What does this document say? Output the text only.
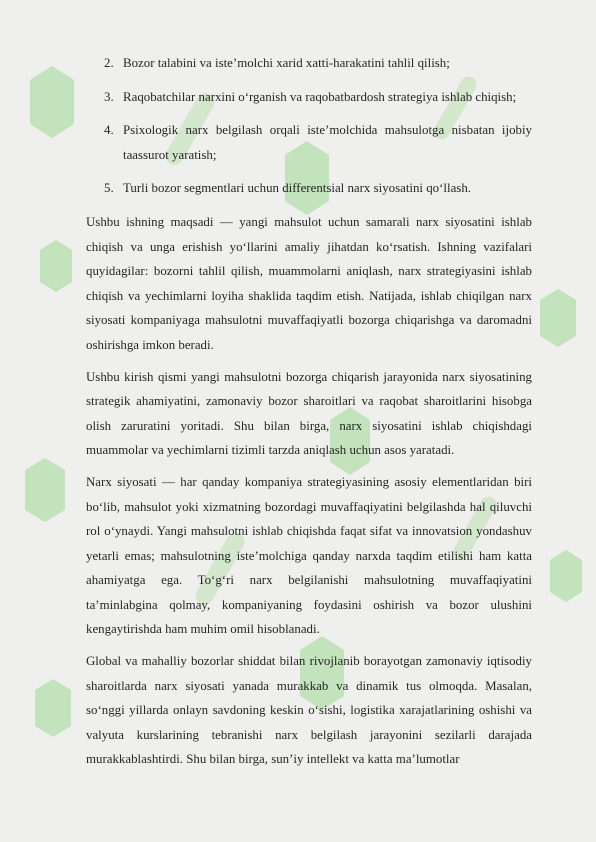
2. Bozor talabini va iste’molchi xarid xatti-harakatini tahlil qilish;
3. Raqobatchilar narxini o‘rganish va raqobatbardosh strategiya ishlab chiqish;
4. Psixologik narx belgilash orqali iste’molchida mahsulotga nisbatan ijobiy taassurot yaratish;
5. Turli bozor segmentlari uchun differentsial narx siyosatini qo‘llash.

Ushbu ishning maqsadi — yangi mahsulot uchun samarali narx siyosatini ishlab chiqish va unga erishish yo‘llarini amaliy jihatdan ko‘rsatish. Ishning vazifalari quyidagilar: bozorni tahlil qilish, muammolarni aniqlash, narx strategiyasini ishlab chiqish va yechimlarni loyiha shaklida taqdim etish. Natijada, ishlab chiqilgan narx siyosati kompaniyaga mahsulotni muvaffaqiyatli bozorga chiqarishga va daromadni oshirishga imkon beradi.

Ushbu kirish qismi yangi mahsulotni bozorga chiqarish jarayonida narx siyosatining strategik ahamiyatini, zamonaviy bozor sharoitlari va raqobat sharoitlarini hisobga olish zaruratini yoritadi. Shu bilan birga, narx siyosatini ishlab chiqishdagi muammolar va yechimlarni tizimli tarzda aniqlash uchun asos yaratadi.

Narx siyosati — har qanday kompaniya strategiyasining asosiy elementlaridan biri bo‘lib, mahsulot yoki xizmatning bozordagi muvaffaqiyatini belgilashda hal qiluvchi rol o‘ynaydi. Yangi mahsulotni ishlab chiqishda faqat sifat va innovatsion yondashuv yetarli emas; mahsulotning iste’molchiga qanday narxda taqdim etilishi ham katta ahamiyatga ega. To‘g‘ri narx belgilanishi mahsulotning muvaffaqiyatini ta’minlabgina qolmay, kompaniyaning foydasini oshirish va bozor ulushini kengaytirishda ham muhim omil hisoblanadi.

Global va mahalliy bozorlar shiddat bilan rivojlanib borayotgan zamonaviy iqtisodiy sharoitlarda narx siyosati yanada murakkab va dinamik tus olmoqda. Masalan, so‘nggi yillarda onlayn savdoning keskin o‘sishi, logistika xarajatlarining oshishi va valyuta kurslarining tebranishi narx belgilash jarayonini sezilarli darajada murakkablashtirdi. Shu bilan birga, sun’iy intellekt va katta ma’lumotlar
